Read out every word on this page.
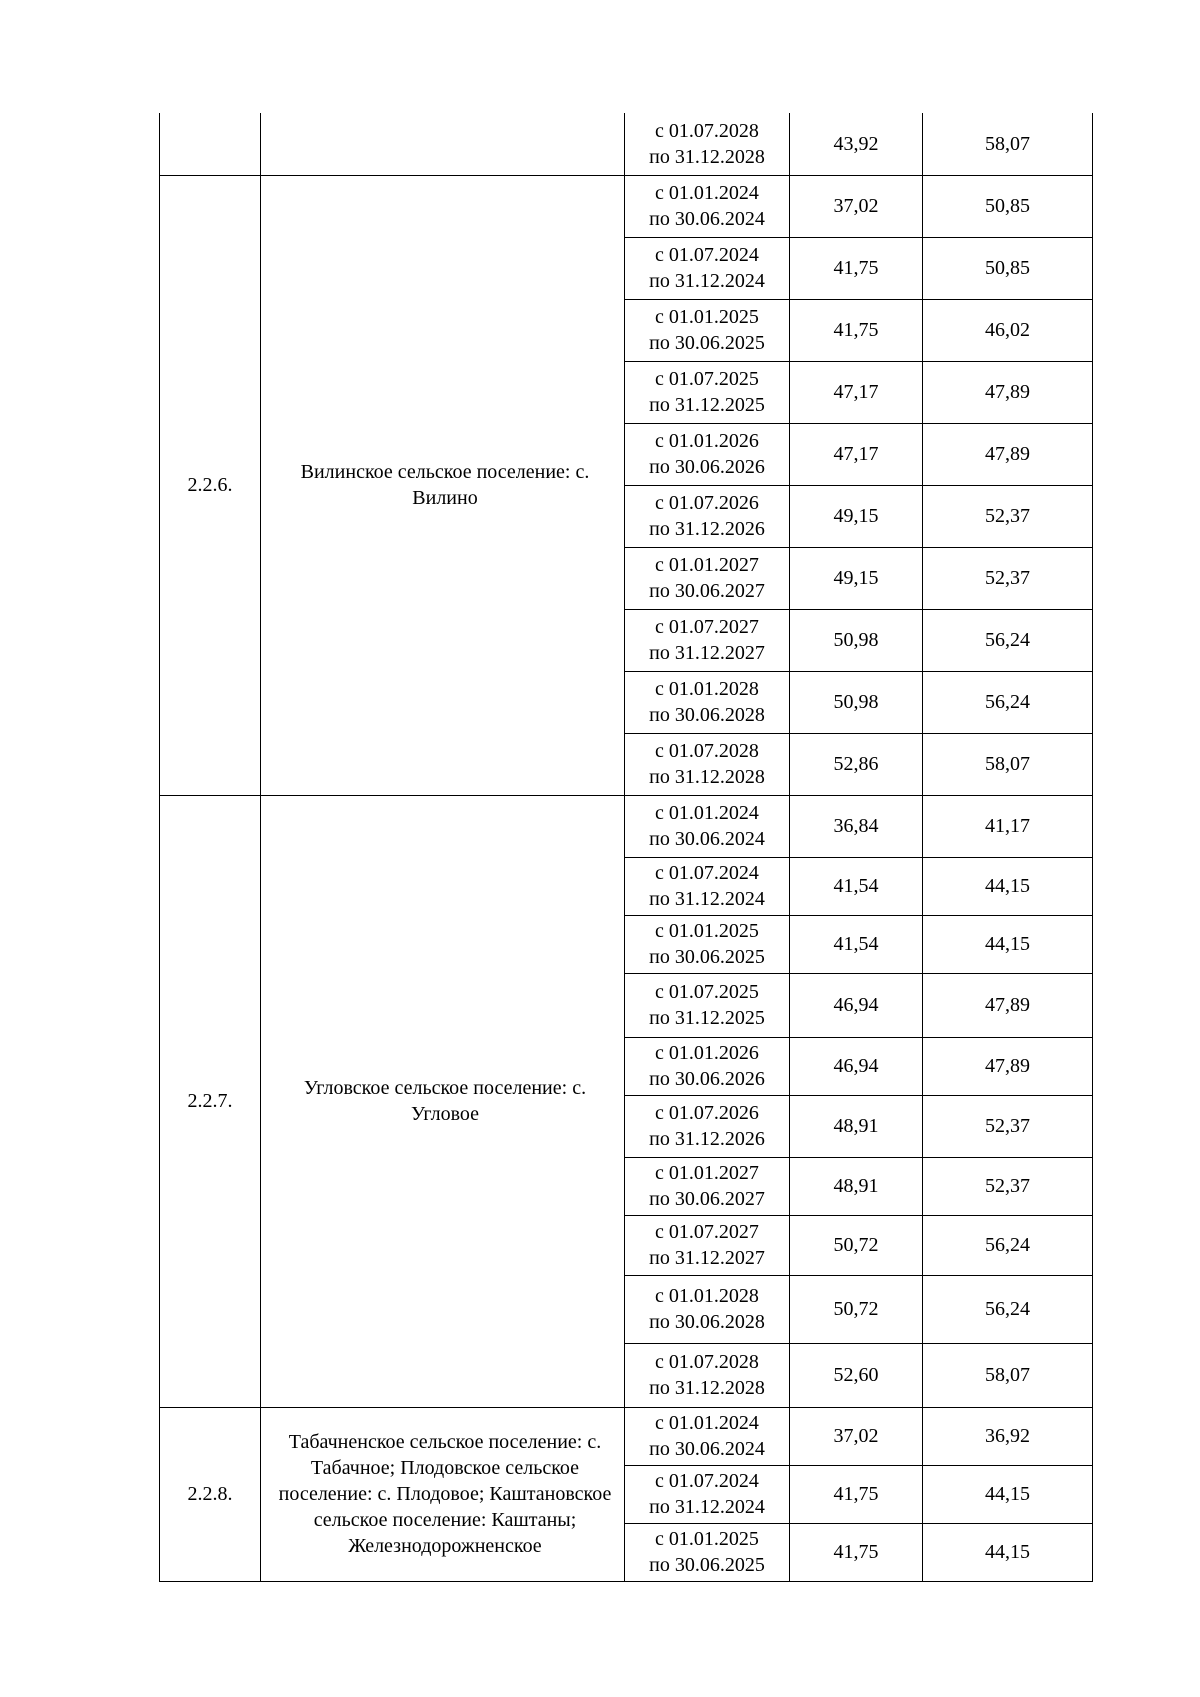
		с 01.07.2028
по 31.12.2028	43,92	58,07
2.2.6.	Вилинское сельское поселение: с. Вилино	с 01.01.2024
по 30.06.2024	37,02	50,85

		с 01.07.2024
по 31.12.2024	41,75	50,85

		с 01.01.2025
по 30.06.2025	41,75	46,02

		с 01.07.2025
по 31.12.2025	47,17	47,89

		с 01.01.2026
по 30.06.2026	47,17	47,89

		с 01.07.2026
по 31.12.2026	49,15	52,37

		с 01.01.2027
по 30.06.2027	49,15	52,37

		с 01.07.2027
по 31.12.2027	50,98	56,24

		с 01.01.2028
по 30.06.2028	50,98	56,24

		с 01.07.2028
по 31.12.2028	52,86	58,07
2.2.7.	Угловское сельское поселение: с. Угловое	с 01.01.2024
по 30.06.2024	36,84	41,17

		с 01.07.2024
по 31.12.2024	41,54	44,15

		с 01.01.2025
по 30.06.2025	41,54	44,15

		с 01.07.2025
по 31.12.2025	46,94	47,89

		с 01.01.2026
по 30.06.2026	46,94	47,89

		с 01.07.2026
по 31.12.2026	48,91	52,37

		с 01.01.2027
по 30.06.2027	48,91	52,37

		с 01.07.2027
по 31.12.2027	50,72	56,24

		с 01.01.2028
по 30.06.2028	50,72	56,24

		с 01.07.2028
по 31.12.2028	52,60	58,07
2.2.8.	Табачненское сельское поселение: с. Табачное; Плодовское сельское поселение: с. Плодовое; Каштановское сельское поселение: Каштаны; Железнодорожненское	с 01.01.2024
по 30.06.2024	37,02	36,92

		с 01.07.2024
по 31.12.2024	41,75	44,15

		с 01.01.2025
по 30.06.2025	41,75	44,15
